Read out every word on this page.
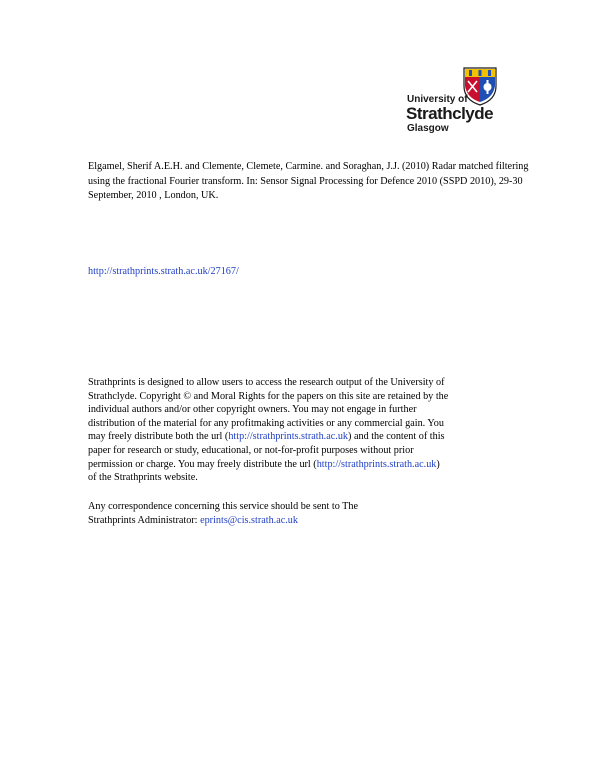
University of
Strathclyde
Glasgow
Elgamel, Sherif A.E.H. and Clemente, Clemete, Carmine. and Soraghan, J.J. (2010) Radar matched filtering
using the fractional Fourier transform. In: Sensor Signal Processing for Defence 2010 (SSPD 2010), 29-30
September, 2010 , London, UK.
http://strathprints.strath.ac.uk/27167/
Strathprints is designed to allow users to access the research output of the University of
Strathclyde. Copyright © and Moral Rights for the papers on this site are retained by the
individual authors and/or other copyright owners. You may not engage in further
distribution of the material for any profitmaking activities or any commercial gain. You
may freely distribute both the url (http://strathprints.strath.ac.uk) and the content of this
paper for research or study, educational, or not-for-profit purposes without prior
permission or charge. You may freely distribute the url (http://strathprints.strath.ac.uk)
of the Strathprints website.
Any correspondence concerning this service should be sent to The
Strathprints Administrator: eprints@cis.strath.ac.uk
